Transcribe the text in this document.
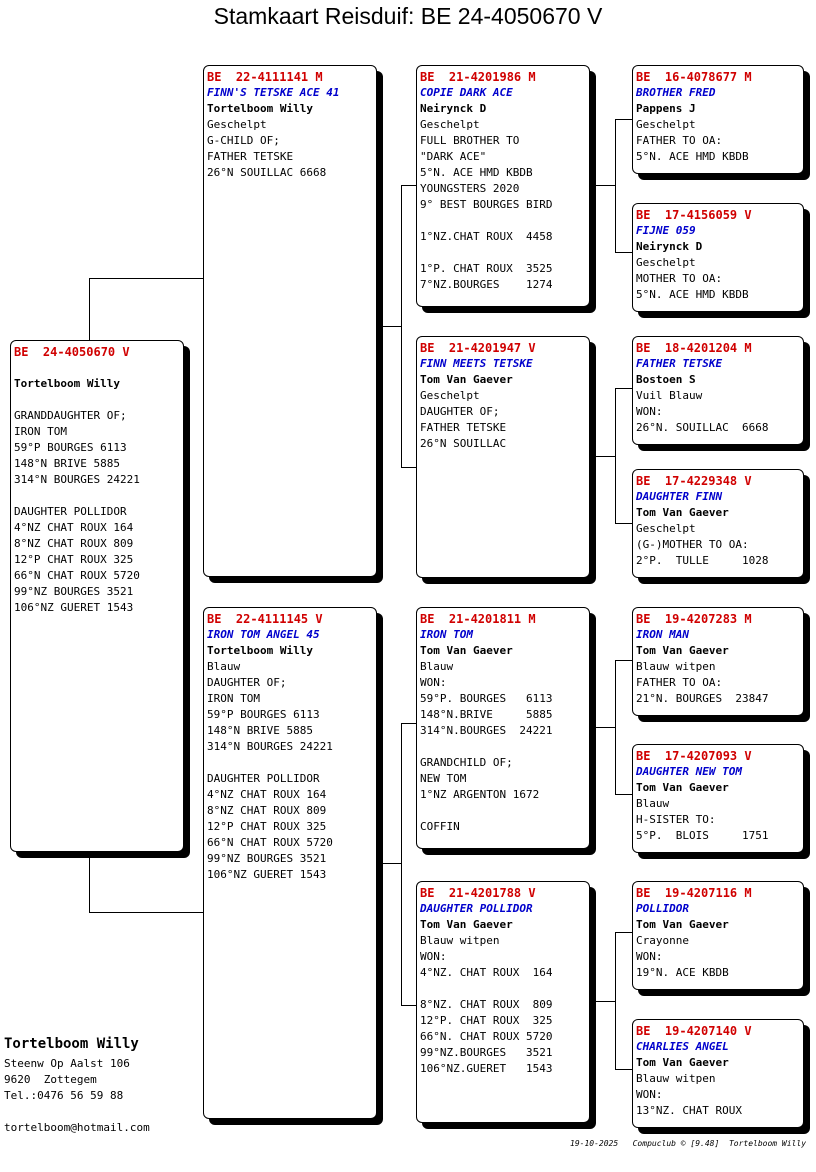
Stamkaart Reisduif: BE 24-4050670 V
BE  24-4050670 V

Tortelboom Willy

GRANDDAUGHTER OF;
IRON TOM
59°P BOURGES 6113
148°N BRIVE 5885
314°N BOURGES 24221

DAUGHTER POLLIDOR
4°NZ CHAT ROUX 164
8°NZ CHAT ROUX 809
12°P CHAT ROUX 325
66°N CHAT ROUX 5720
99°NZ BOURGES 3521
106°NZ GUERET 1543
BE  22-4111141 M
FINN'S TETSKE ACE 41
Tortelboom Willy
Geschelpt
G-CHILD OF;
FATHER TETSKE
26°N SOUILLAC 6668
BE  22-4111145 V
IRON TOM ANGEL 45
Tortelboom Willy
Blauw
DAUGHTER OF;
IRON TOM
59°P BOURGES 6113
148°N BRIVE 5885
314°N BOURGES 24221

DAUGHTER POLLIDOR
4°NZ CHAT ROUX 164
8°NZ CHAT ROUX 809
12°P CHAT ROUX 325
66°N CHAT ROUX 5720
99°NZ BOURGES 3521
106°NZ GUERET 1543
BE  21-4201986 M
COPIE DARK ACE
Neirynck D
Geschelpt
FULL BROTHER TO
"DARK ACE"
5°N. ACE HMD KBDB
YOUNGSTERS 2020
9° BEST BOURGES BIRD

1°NZ.CHAT ROUX  4458

1°P. CHAT ROUX  3525
7°NZ.BOURGES    1274
BE  21-4201947 V
FINN MEETS TETSKE
Tom Van Gaever
Geschelpt
DAUGHTER OF;
FATHER TETSKE
26°N SOUILLAC
BE  21-4201811 M
IRON TOM
Tom Van Gaever
Blauw
WON:
59°P. BOURGES   6113
148°N.BRIVE     5885
314°N.BOURGES  24221

GRANDCHILD OF;
NEW TOM
1°NZ ARGENTON 1672

COFFIN
BE  21-4201788 V
DAUGHTER POLLIDOR
Tom Van Gaever
Blauw witpen
WON:
4°NZ. CHAT ROUX  164

8°NZ. CHAT ROUX  809
12°P. CHAT ROUX  325
66°N. CHAT ROUX 5720
99°NZ.BOURGES   3521
106°NZ.GUERET   1543
BE  16-4078677 M
BROTHER FRED
Pappens J
Geschelpt
FATHER TO OA:
5°N. ACE HMD KBDB
BE  17-4156059 V
FIJNE 059
Neirynck D
Geschelpt
MOTHER TO OA:
5°N. ACE HMD KBDB
BE  18-4201204 M
FATHER TETSKE
Bostoen S
Vuil Blauw
WON:
26°N. SOUILLAC  6668
BE  17-4229348 V
DAUGHTER FINN
Tom Van Gaever
Geschelpt
(G-)MOTHER TO OA:
2°P.  TULLE     1028
BE  19-4207283 M
IRON MAN
Tom Van Gaever
Blauw witpen
FATHER TO OA:
21°N. BOURGES  23847
BE  17-4207093 V
DAUGHTER NEW TOM
Tom Van Gaever
Blauw
H-SISTER TO:
5°P.  BLOIS     1751
BE  19-4207116 M
POLLIDOR
Tom Van Gaever
Crayonne
WON:
19°N. ACE KBDB
BE  19-4207140 V
CHARLIES ANGEL
Tom Van Gaever
Blauw witpen
WON:
13°NZ. CHAT ROUX
Tortelboom Willy
Steenw Op Aalst 106
9620  Zottegem
Tel.:0476 56 59 88
tortelboom@hotmail.com
19-10-2025   Compuclub © [9.48]  Tortelboom Willy
